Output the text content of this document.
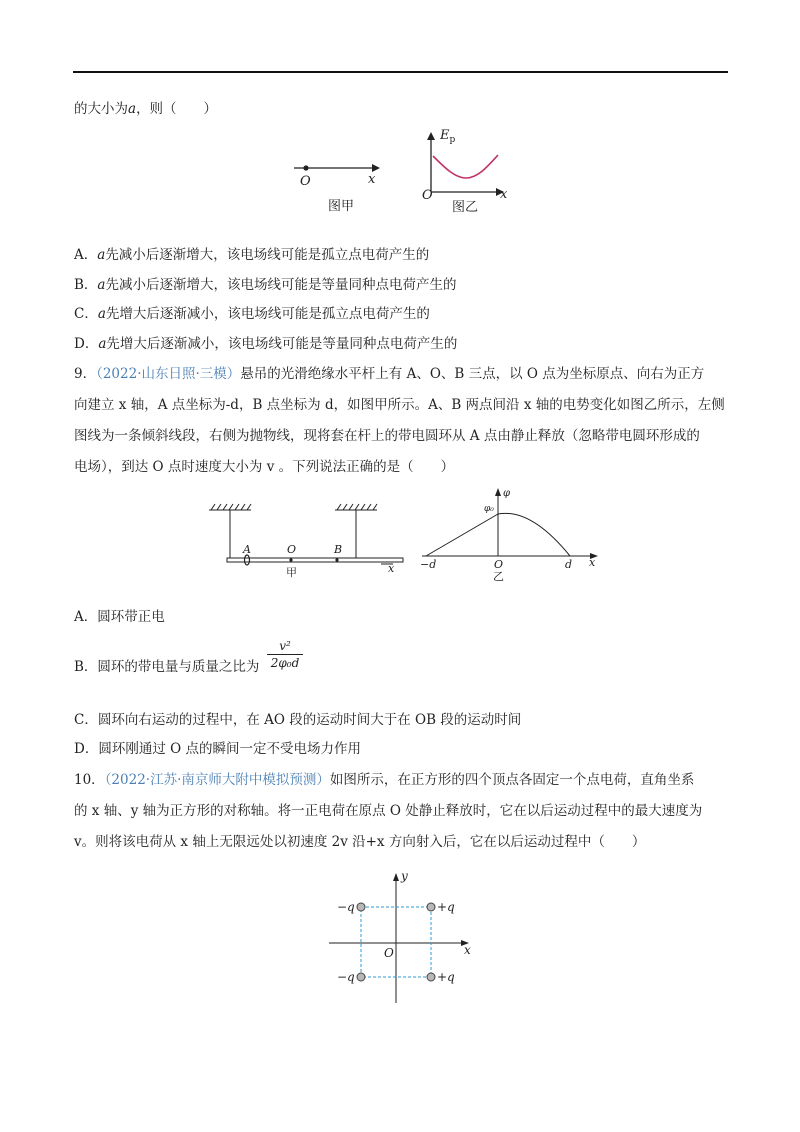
的大小为a，则（　　）
O	x
图甲
$E_p$
O	x
图乙
A．a先减小后逐渐增大，该电场线可能是孤立点电荷产生的
B．a先减小后逐渐增大，该电场线可能是等量同种点电荷产生的
C．a先增大后逐渐减小，该电场线可能是孤立点电荷产生的
D．a先增大后逐渐减小，该电场线可能是等量同种点电荷产生的
9．（2022·山东日照·三模）悬吊的光滑绝缘水平杆上有 A、O、B 三点，以 O 点为坐标原点、向右为正方
向建立 x 轴，A 点坐标为-d，B 点坐标为 d，如图甲所示。A、B 两点间沿 x 轴的电势变化如图乙所示，左侧
图线为一条倾斜线段，右侧为抛物线，现将套在杆上的带电圆环从 A 点由静止释放（忽略带电圆环形成的
电场），到达 O 点时速度大小为 v 。下列说法正确的是（　　）
A	O	B
x
甲
φ
φ₀
−d	O	d x
乙
A．圆环带正电
B．圆环的带电量与质量之比为 $\frac{\text{v²}}{\text{2φ₀d}}$
C．圆环向右运动的过程中，在 AO 段的运动时间大于在 OB 段的运动时间
D．圆环刚通过 O 点的瞬间一定不受电场力作用
10．（2022·江苏·南京师大附中模拟预测）如图所示，在正方形的四个顶点各固定一个点电荷，直角坐系
的 x 轴、y 轴为正方形的对称轴。将一正电荷在原点 O 处静止释放时，它在以后运动过程中的最大速度为
v。则将该电荷从 x 轴上无限远处以初速度 2v 沿+x 方向射入后，它在以后运动过程中（　　）
−q	+q
−q	+q
O
y
x
